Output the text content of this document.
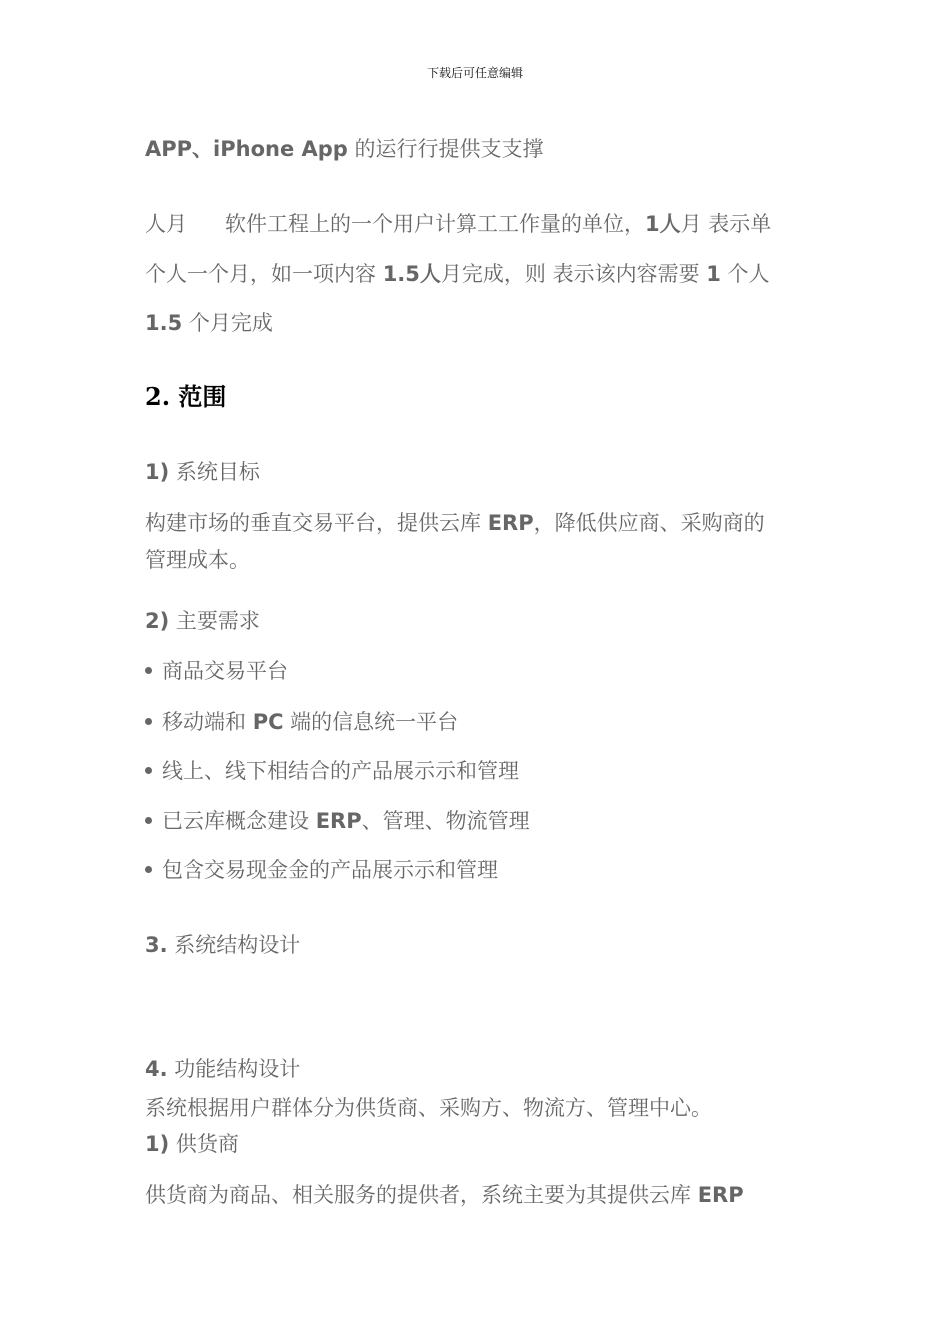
下载后可任意编辑
APP、iPhone App 的运行行提供支支撑
人月 软件工程上的一个用户计算工工作量的单位，1人月 表示单
个人一个月，如一项内容 1.5人月完成，则 表示该内容需要 1 个人
1.5 个月完成
2. 范围
1) 系统目标
构建市场的垂直交易平台，提供云库 ERP，降低供应商、采购商的
管理成本。
2) 主要需求
商品交易平台
移动端和 PC 端的信息统一平台
线上、线下相结合的产品展示示和管理
已云库概念建设 ERP、管理、物流管理
包含交易现金金的产品展示示和管理
3. 系统结构设计
4. 功能结构设计
系统根据用户群体分为供货商、采购方、物流方、管理中心。
1) 供货商
供货商为商品、相关服务的提供者，系统主要为其提供云库 ERP
